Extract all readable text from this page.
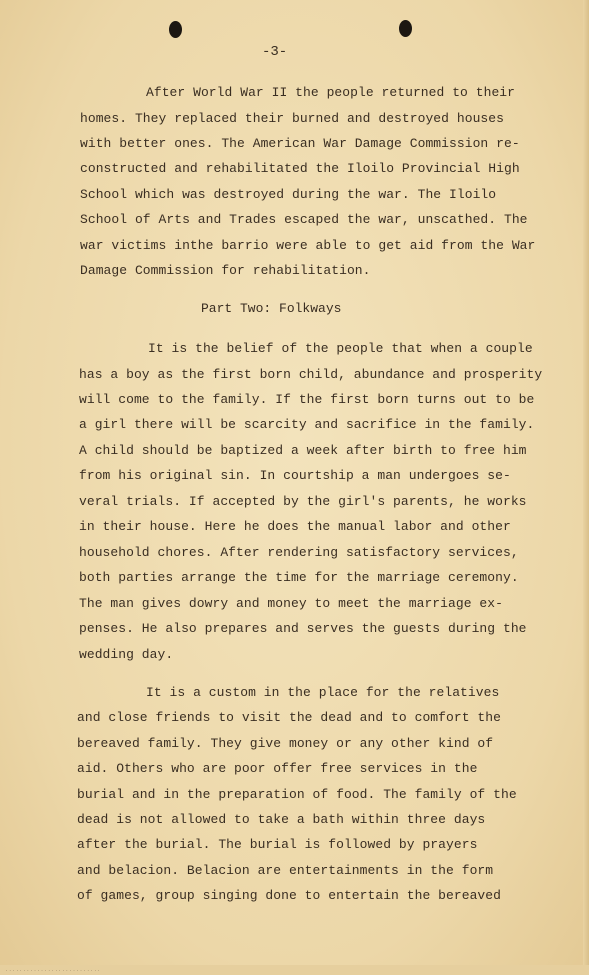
· · · · · · · · · · · · · · · · · · · · · · · · · · ·
-3-
After World War II the people returned to their
homes. They replaced their burned and destroyed houses
with better ones. The American War Damage Commission re-
constructed and rehabilitated the Iloilo Provincial High
School which was destroyed during the war. The Iloilo
School of Arts and Trades escaped the war, unscathed. The
war victims inthe barrio were able to get aid from the War
Damage Commission for rehabilitation.
Part Two: Folkways
It is the belief of the people that when a couple
has a boy as the first born child, abundance and prosperity
will come to the family. If the first born turns out to be
a girl there will be scarcity and sacrifice in the family.
A child should be baptized a week after birth to free him
from his original sin. In courtship a man undergoes se-
veral trials. If accepted by the girl's parents, he works
in their house. Here he does the manual labor and other
household chores. After rendering satisfactory services,
both parties arrange the time for the marriage ceremony.
The man gives dowry and money to meet the marriage ex-
penses. He also prepares and serves the guests during the
wedding day.
It is a custom in the place for the relatives
and close friends to visit the dead and to comfort the
bereaved family. They give money or any other kind of
aid. Others who are poor offer free services in the
burial and in the preparation of food. The family of the
dead is not allowed to take a bath within three days
after the burial. The burial is followed by prayers
and belacion. Belacion are entertainments in the form
of games, group singing done to entertain the bereaved
